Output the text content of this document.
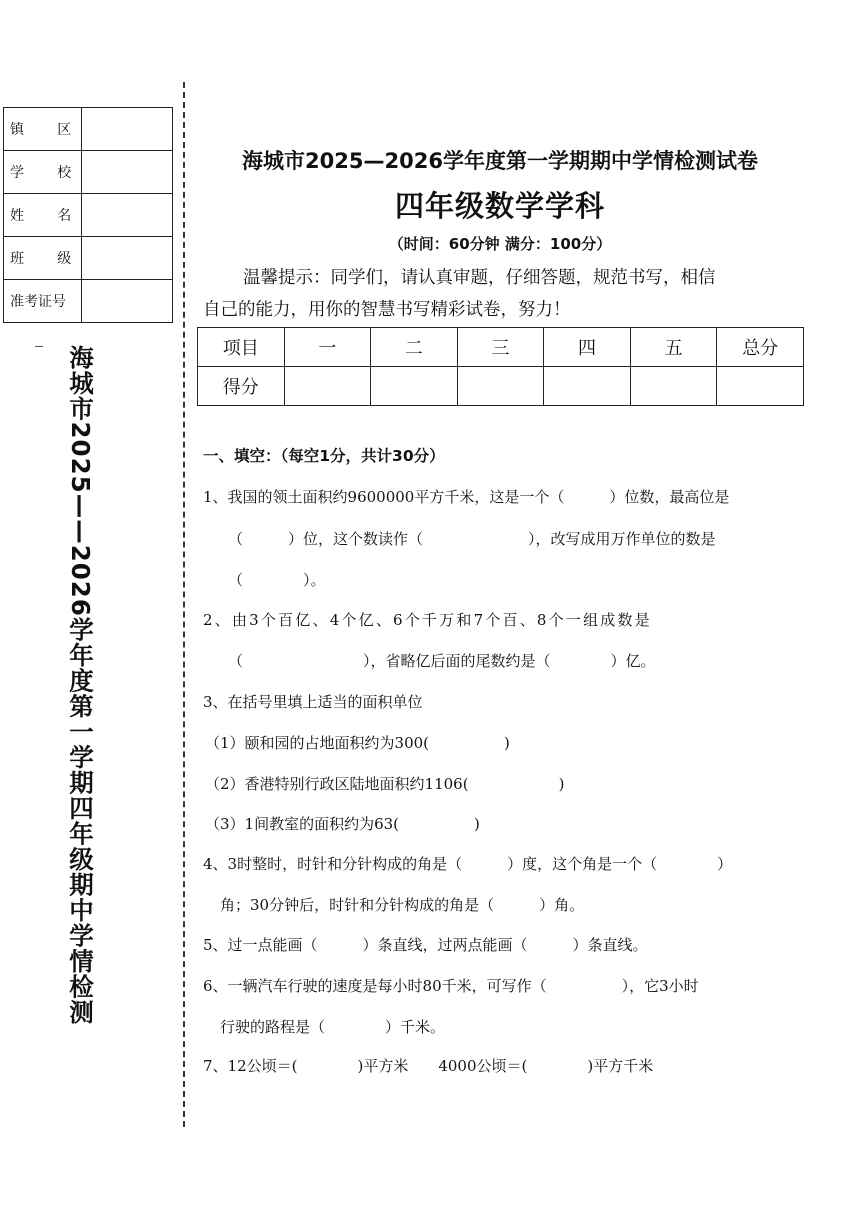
镇 区	

学 校	

姓 名	

班 级	

准考证号	
海城市2025——2026学年度第一学期四年级期中学情检测
海城市2025—2026学年度第一学期期中学情检测试卷
四年级数学学科
（时间：60分钟 满分：100分）

温馨提示：同学们，请认真审题，仔细答题，规范书写，相信

自己的能力，用你的智慧书写精彩试卷，努力！

项目	一	二	三	四	五	总分
得分						
一、填空：（每空1分，共计30分）
1、我国的领土面积约9600000平方千米，这是一个（　　　）位数，最高位是
（　　　）位，这个数读作（　　　　　　　），改写成用万作单位的数是
（　　　　）。
2、由3个百亿、4个亿、6个千万和7个百、8个一组成数是
（　　　　　　　　），省略亿后面的尾数约是（　　　　）亿。
3、在括号里填上适当的面积单位
（1）颐和园的占地面积约为300(　　　　　)
（2）香港特别行政区陆地面积约1106(　　　　　　)
（3）1间教室的面积约为63(　　　　　)
4、3时整时，时针和分针构成的角是（　　　）度，这个角是一个（　　　　）
角；30分钟后，时针和分针构成的角是（　　　）角。
5、过一点能画（　　　）条直线，过两点能画（　　　）条直线。
6、一辆汽车行驶的速度是每小时80千米，可写作（　　　　　），它3小时
行驶的路程是（　　　　）千米。
7、12公顷＝(　　　　)平方米　　4000公顷＝(　　　　)平方千米
